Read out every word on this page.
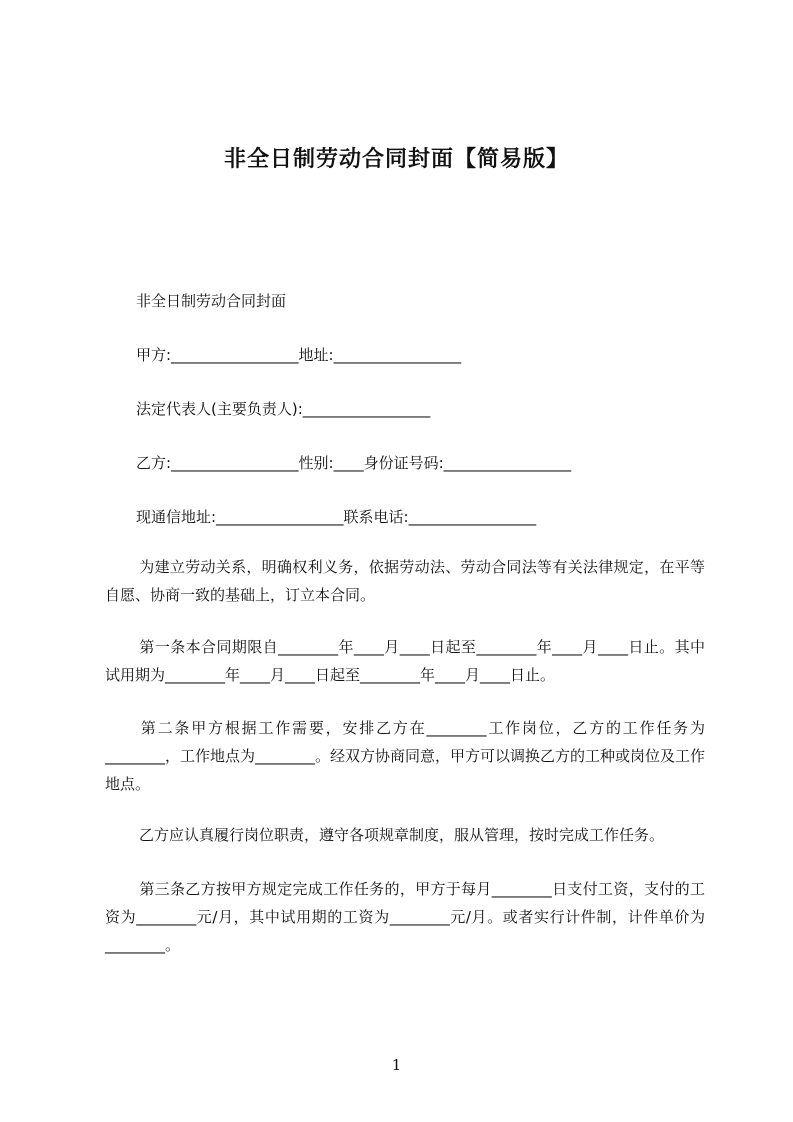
非全日制劳动合同封面【简易版】

非全日制劳动合同封面

甲方:_________________地址:_________________

法定代表人(主要负责人):_________________

乙方:_________________性别:____身份证号码:_________________

现通信地址:_________________联系电话:_________________

为建立劳动关系，明确权利义务，依据劳动法、劳动合同法等有关法律规定，在平等自愿、协商一致的基础上，订立本合同。

第一条本合同期限自________年____月____日起至________年____月____日止。其中试用期为________年____月____日起至________年____月____日止。

第二条甲方根据工作需要，安排乙方在________工作岗位，乙方的工作任务为________，工作地点为________。经双方协商同意，甲方可以调换乙方的工种或岗位及工作地点。

乙方应认真履行岗位职责，遵守各项规章制度，服从管理，按时完成工作任务。

第三条乙方按甲方规定完成工作任务的，甲方于每月________日支付工资，支付的工资为________元/月，其中试用期的工资为________元/月。或者实行计件制，计件单价为________。

1
